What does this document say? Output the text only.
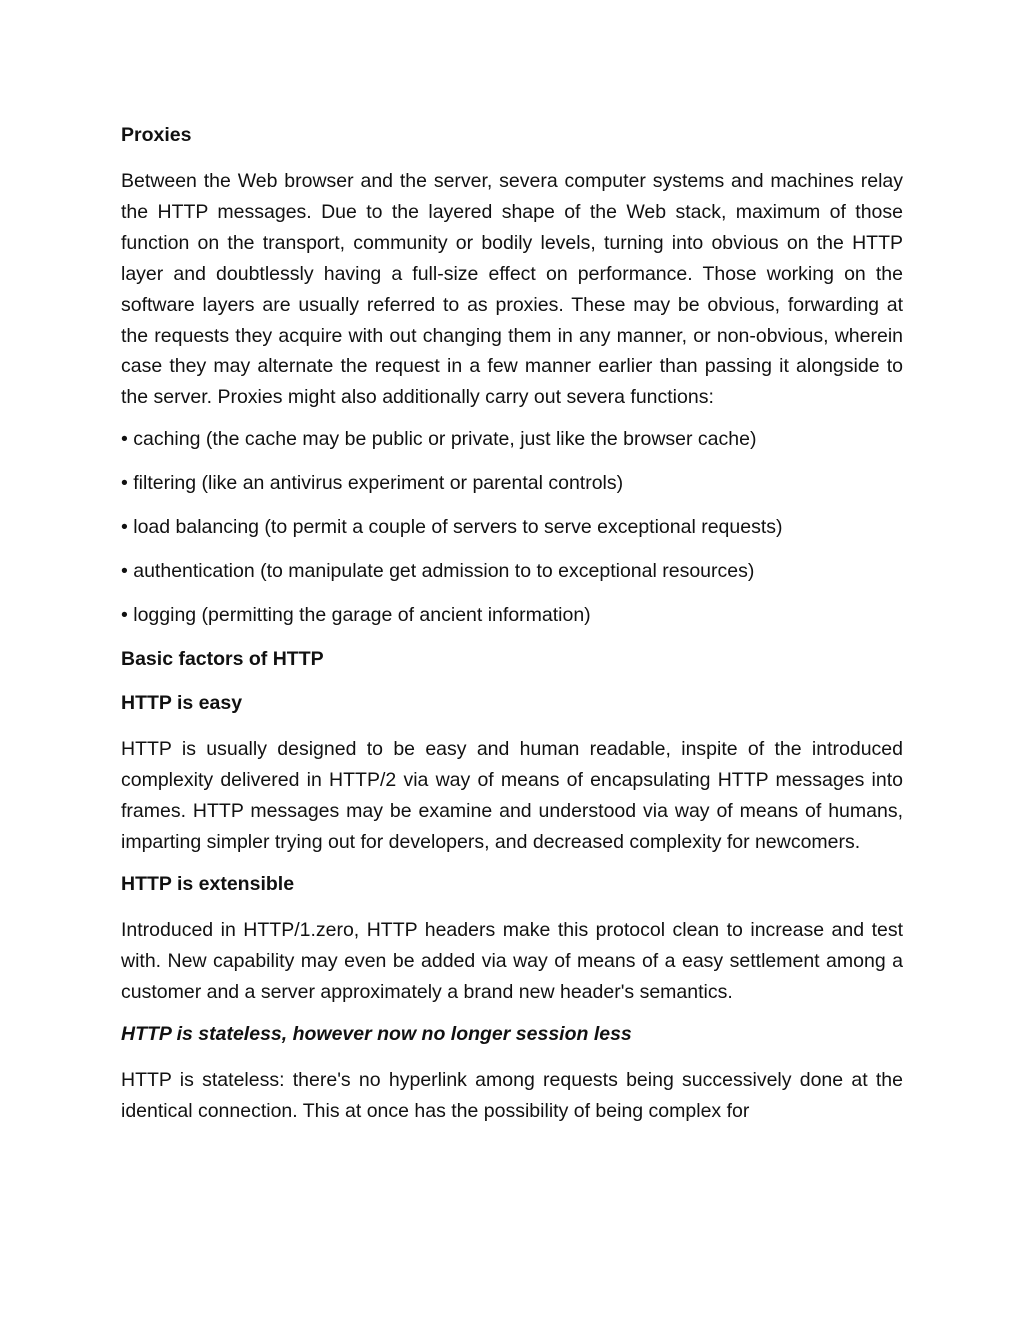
Proxies

Between the Web browser and the server, severa computer systems and machines relay the HTTP messages. Due to the layered shape of the Web stack, maximum of those function on the transport, community or bodily levels, turning into obvious on the HTTP layer and doubtlessly having a full-size effect on performance. Those working on the software layers are usually referred to as proxies. These may be obvious, forwarding at the requests they acquire with out changing them in any manner, or non-obvious, wherein case they may alternate the request in a few manner earlier than passing it alongside to the server. Proxies might also additionally carry out severa functions:

• caching (the cache may be public or private, just like the browser cache)
• filtering (like an antivirus experiment or parental controls)
• load balancing (to permit a couple of servers to serve exceptional requests)
• authentication (to manipulate get admission to to exceptional resources)
• logging (permitting the garage of ancient information)
Basic factors of HTTP
HTTP is easy

HTTP is usually designed to be easy and human readable, inspite of the introduced complexity delivered in HTTP/2 via way of means of encapsulating HTTP messages into frames. HTTP messages may be examine and understood via way of means of humans, imparting simpler trying out for developers, and decreased complexity for newcomers.

HTTP is extensible

Introduced in HTTP/1.zero, HTTP headers make this protocol clean to increase and test with. New capability may even be added via way of means of a easy settlement among a customer and a server approximately a brand new header's semantics.

HTTP is stateless, however now no longer session less

HTTP is stateless: there's no hyperlink among requests being successively done at the identical connection. This at once has the possibility of being complex for
